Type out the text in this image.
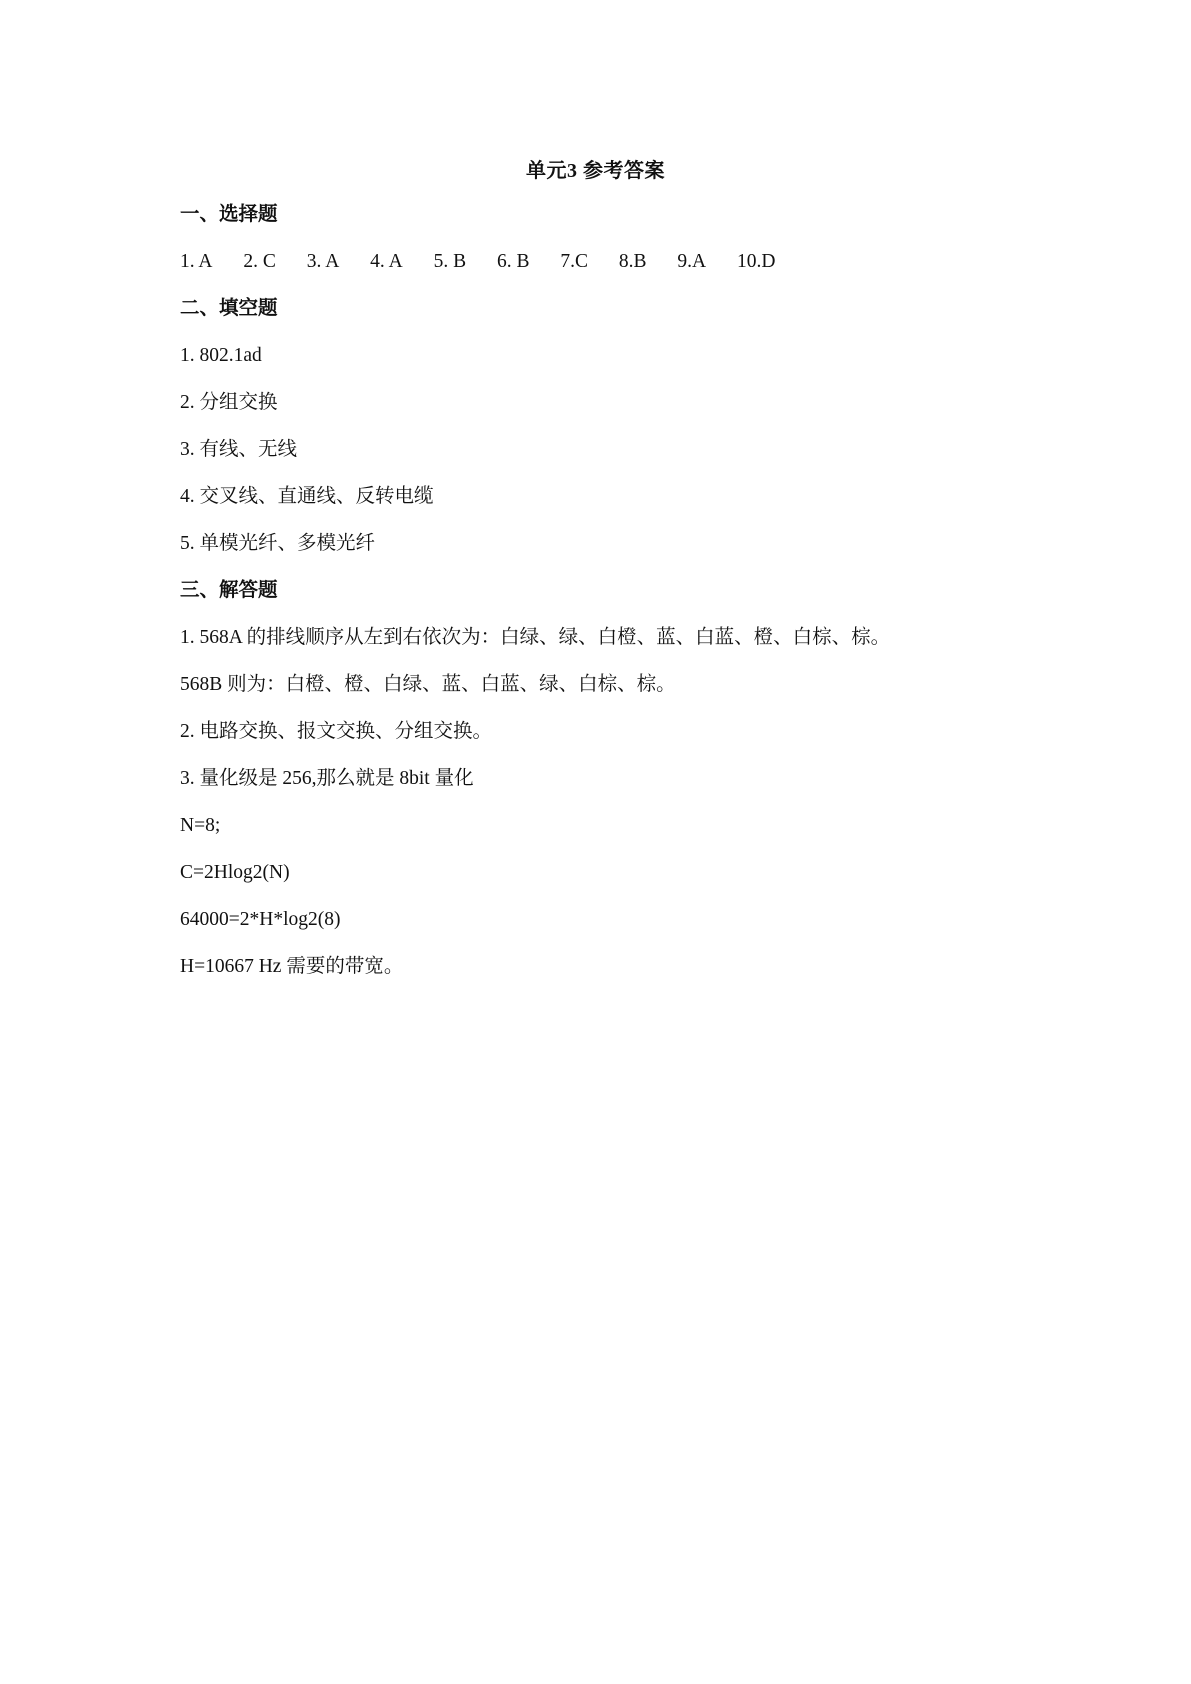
单元3 参考答案
一、选择题
1. A 2. C 3. A 4. A 5. B 6. B 7.C 8.B 9.A 10.D
二、填空题
1. 802.1ad
2. 分组交换
3. 有线、无线
4. 交叉线、直通线、反转电缆
5. 单模光纤、多模光纤
三、解答题
1. 568A 的排线顺序从左到右依次为：白绿、绿、白橙、蓝、白蓝、橙、白棕、棕。
568B 则为：白橙、橙、白绿、蓝、白蓝、绿、白棕、棕。
2. 电路交换、报文交换、分组交换。
3. 量化级是 256,那么就是 8bit 量化
N=8;
C=2Hlog2(N)
64000=2*H*log2(8)
H=10667 Hz 需要的带宽。
